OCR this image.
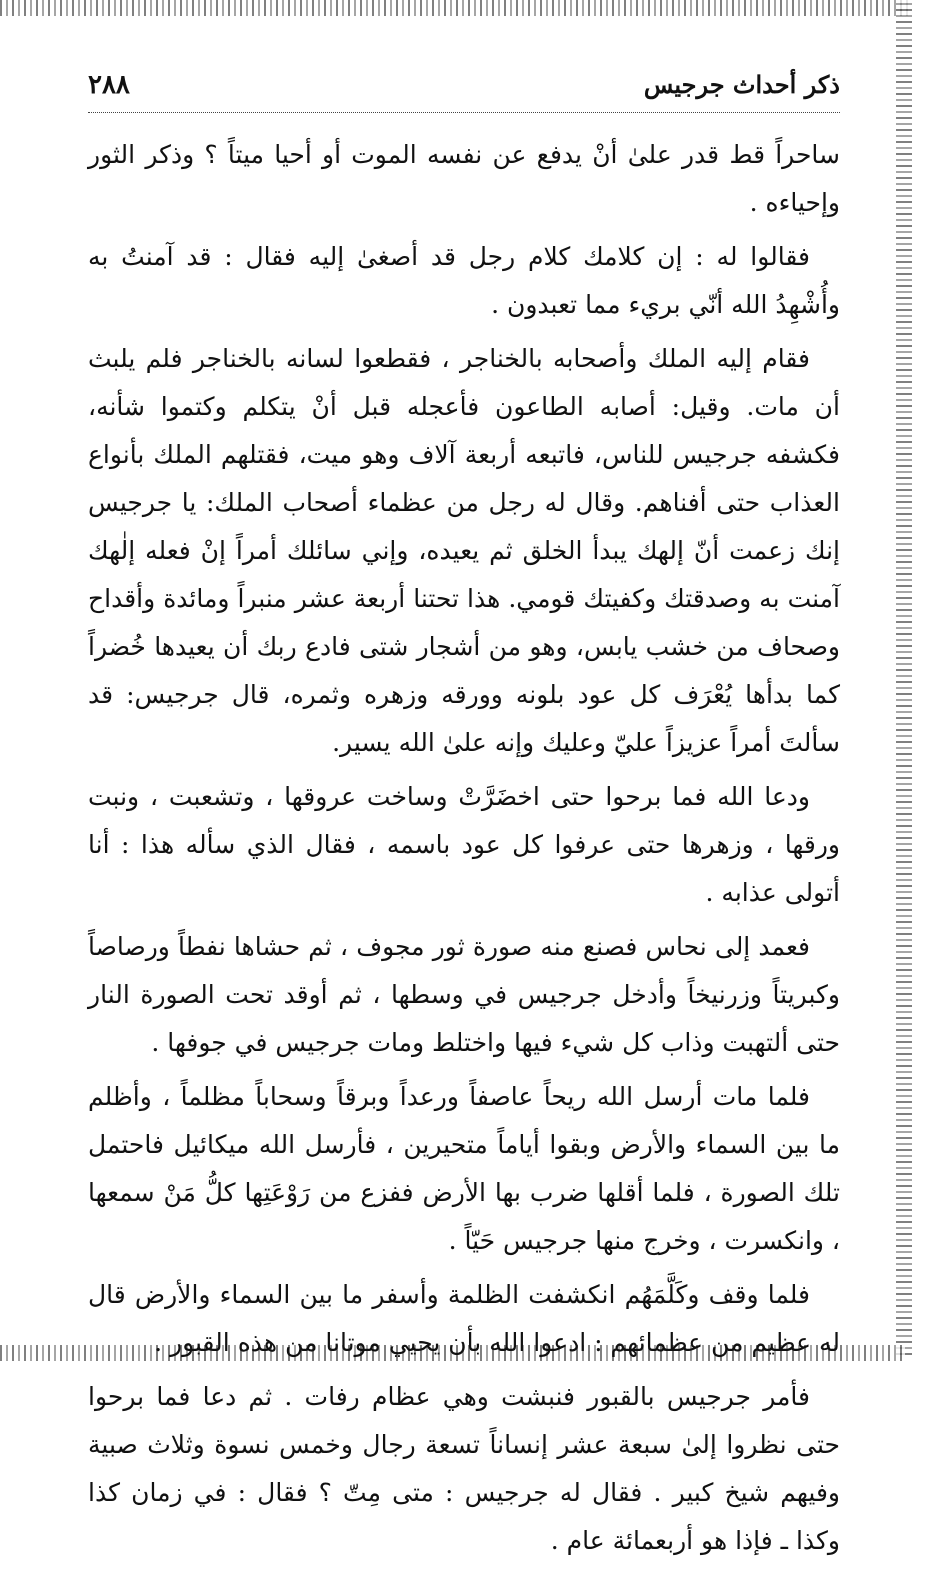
ذكر أحداث جرجيس
٢٨٨

ساحراً قط قدر علىٰ أنْ يدفع عن نفسه الموت أو أحيا ميتاً ؟ وذكر الثور وإحياءه .

فقالوا له : إن كلامك كلام رجل قد أصغىٰ إليه فقال : قد آمنتُ به وأُشْهِدُ الله أنّي بريء مما تعبدون .

فقام إليه الملك وأصحابه بالخناجر ، فقطعوا لسانه بالخناجر فلم يلبث أن مات. وقيل: أصابه الطاعون فأعجله قبل أنْ يتكلم وكتموا شأنه، فكشفه جرجيس للناس، فاتبعه أربعة آلاف وهو ميت، فقتلهم الملك بأنواع العذاب حتى أفناهم. وقال له رجل من عظماء أصحاب الملك: يا جرجيس إنك زعمت أنّ إلهك يبدأ الخلق ثم يعيده، وإني سائلك أمراً إنْ فعله إلٰهك آمنت به وصدقتك وكفيتك قومي. هذا تحتنا أربعة عشر منبراً ومائدة وأقداح وصحاف من خشب يابس، وهو من أشجار شتى فادع ربك أن يعيدها خُضراً كما بدأها يُعْرَف كل عود بلونه وورقه وزهره وثمره، قال جرجيس: قد سألتَ أمراً عزيزاً عليّ وعليك وإنه علىٰ الله يسير.

ودعا الله فما برحوا حتى اخضَرَّتْ وساخت عروقها ، وتشعبت ، ونبت ورقها ، وزهرها حتى عرفوا كل عود باسمه ، فقال الذي سأله هذا : أنا أتولى عذابه .

فعمد إلى نحاس فصنع منه صورة ثور مجوف ، ثم حشاها نفطاً ورصاصاً وكبريتاً وزرنيخاً وأدخل جرجيس في وسطها ، ثم أوقد تحت الصورة النار حتى ألتهبت وذاب كل شيء فيها واختلط ومات جرجيس في جوفها .

فلما مات أرسل الله ريحاً عاصفاً ورعداً وبرقاً وسحاباً مظلماً ، وأظلم ما بين السماء والأرض وبقوا أياماً متحيرين ، فأرسل الله ميكائيل فاحتمل تلك الصورة ، فلما أقلها ضرب بها الأرض ففزع من رَوْعَتِها كلُّ مَنْ سمعها ، وانكسرت ، وخرج منها جرجيس حَيّاً .

فلما وقف وكَلَّمَهُم انكشفت الظلمة وأسفر ما بين السماء والأرض قال له عظيم من عظمائهم : ادعوا الله بأن يحيي موتانا من هذه القبور .

فأمر جرجيس بالقبور فنبشت وهي عظام رفات . ثم دعا فما برحوا حتى نظروا إلىٰ سبعة عشر إنساناً تسعة رجال وخمس نسوة وثلاث صبية وفيهم شيخ كبير . فقال له جرجيس : متى مِتّ ؟ فقال : في زمان كذا وكذا ـ فإذا هو أربعمائة عام .
